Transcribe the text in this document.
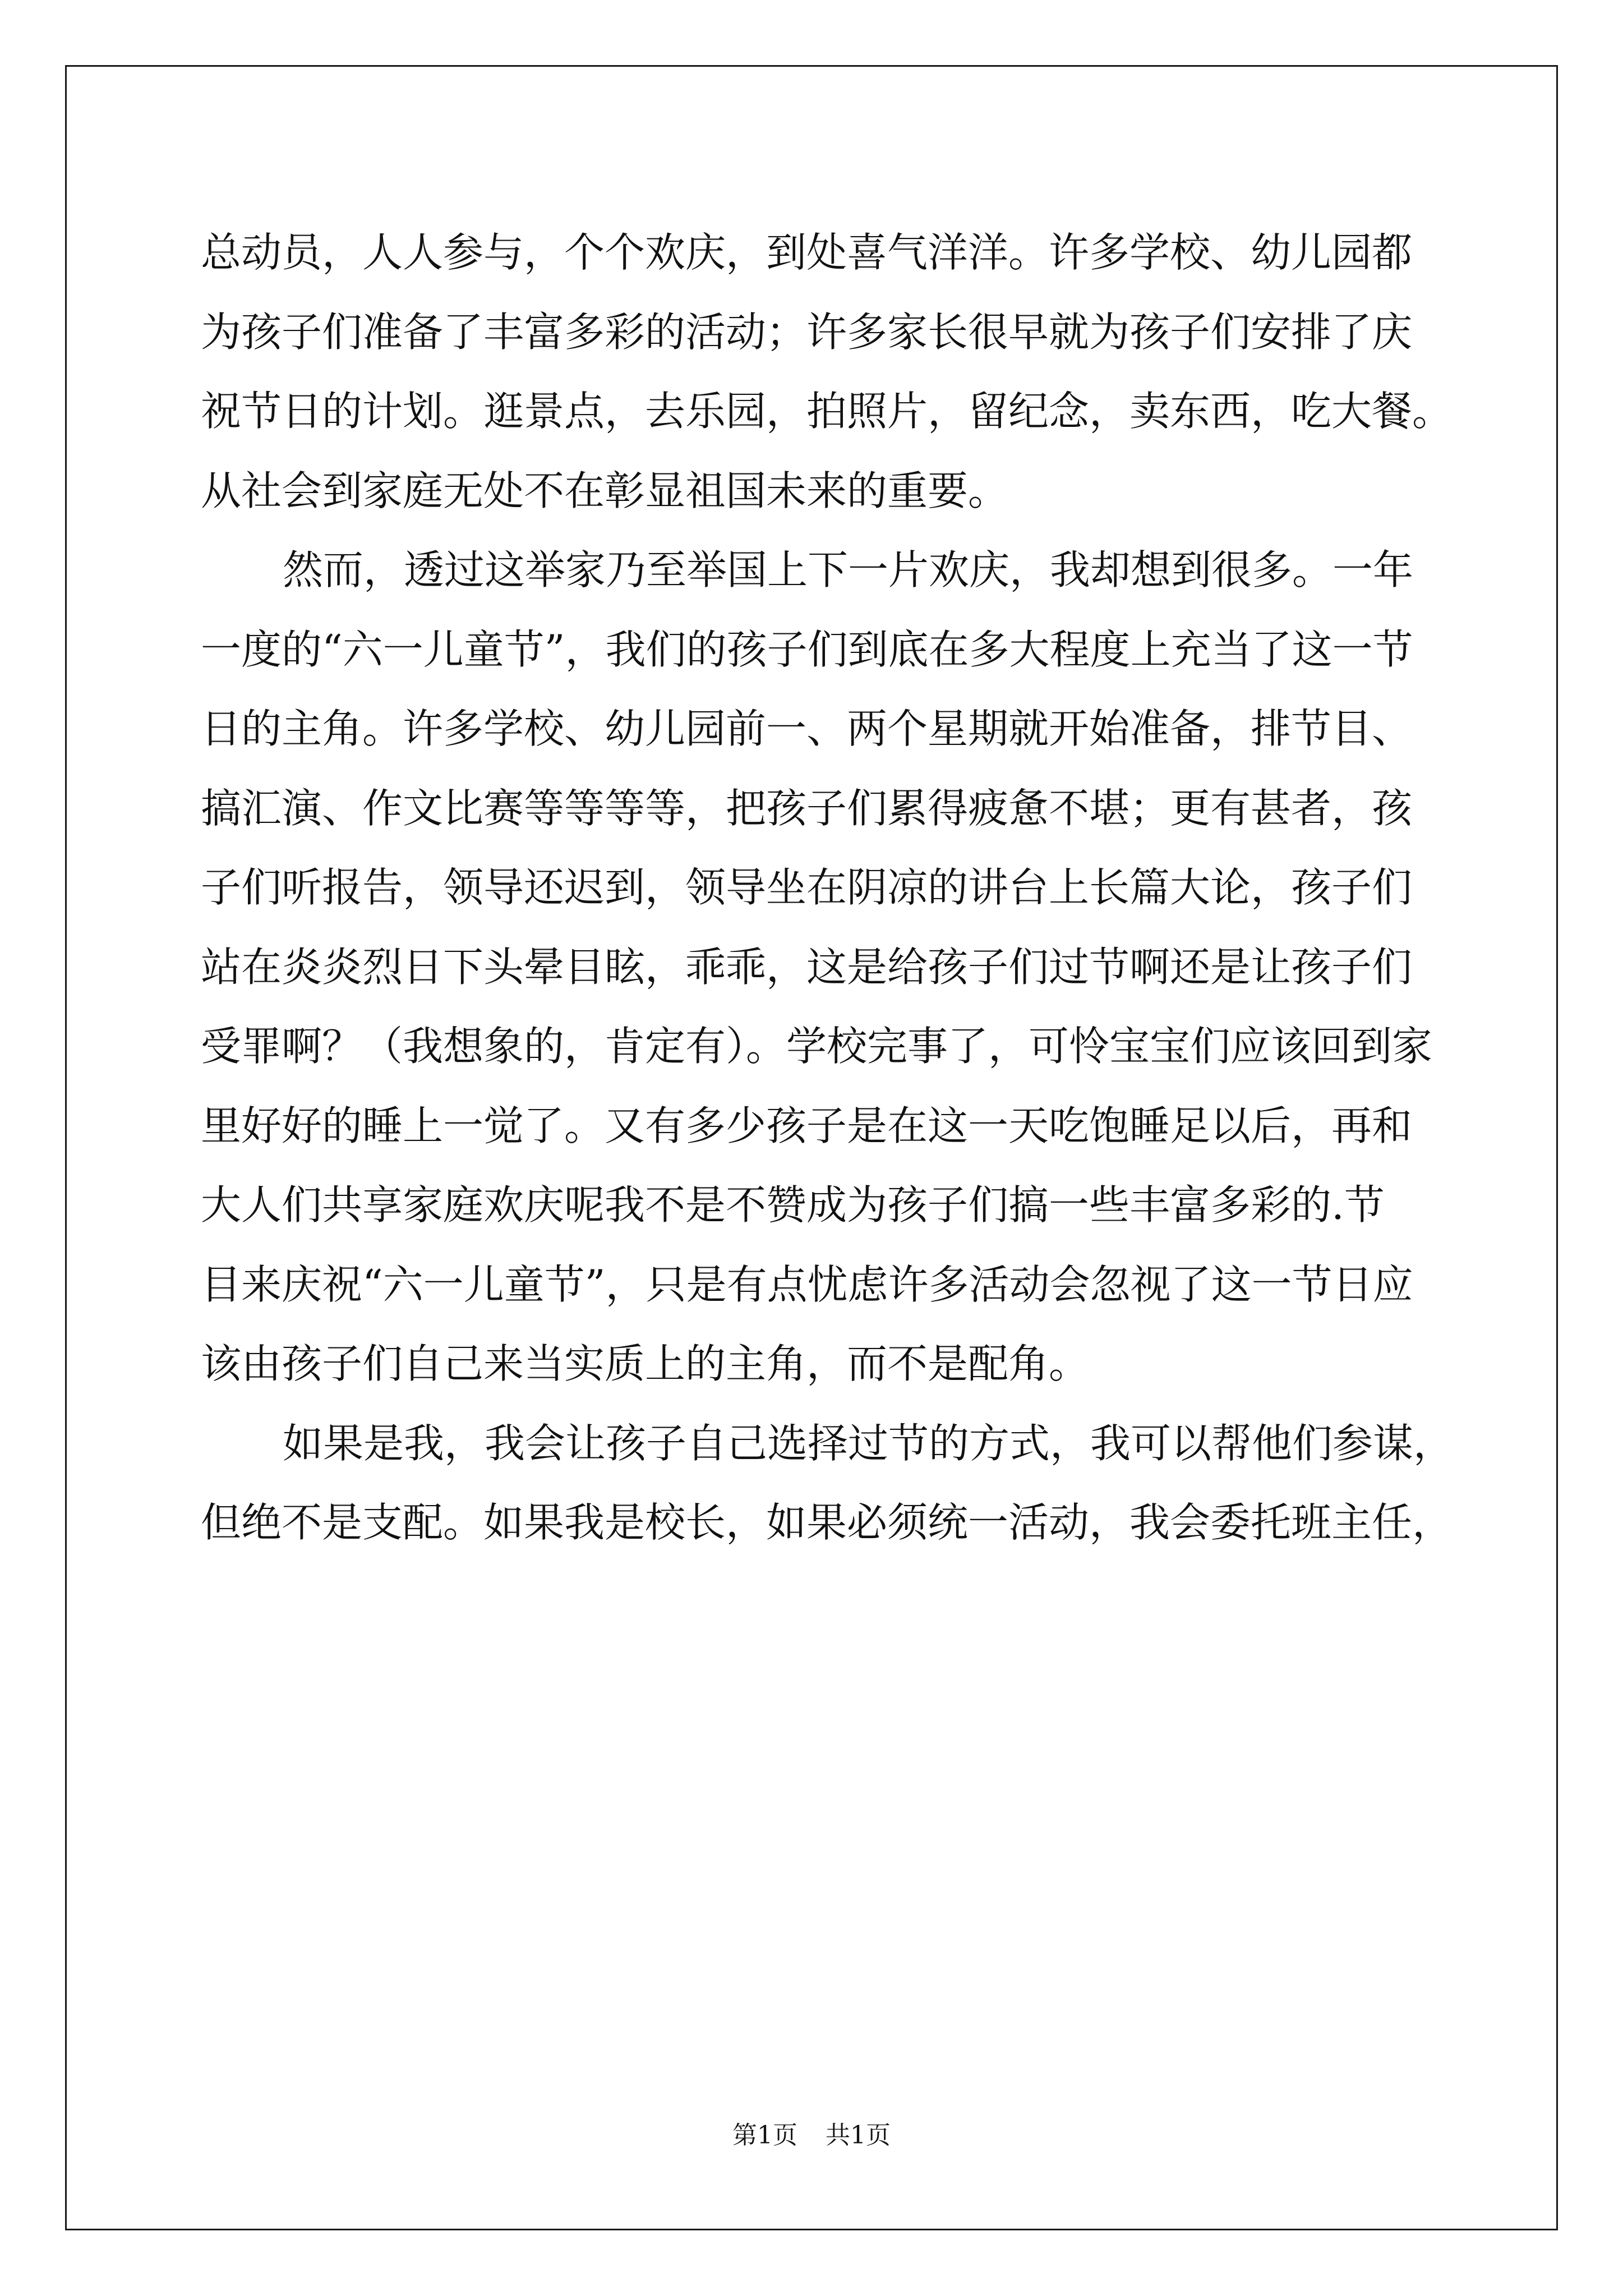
总动员，人人参与，个个欢庆，到处喜气洋洋。许多学校、幼儿园都
为孩子们准备了丰富多彩的活动；许多家长很早就为孩子们安排了庆
祝节日的计划。逛景点，去乐园，拍照片，留纪念，卖东西，吃大餐。
从社会到家庭无处不在彰显祖国未来的重要。
然而，透过这举家乃至举国上下一片欢庆，我却想到很多。一年
一度的“六一儿童节”，我们的孩子们到底在多大程度上充当了这一节
日的主角。许多学校、幼儿园前一、两个星期就开始准备，排节目、
搞汇演、作文比赛等等等等，把孩子们累得疲惫不堪；更有甚者，孩
子们听报告，领导还迟到，领导坐在阴凉的讲台上长篇大论，孩子们
站在炎炎烈日下头晕目眩，乖乖，这是给孩子们过节啊还是让孩子们
受罪啊？（我想象的，肯定有）。学校完事了，可怜宝宝们应该回到家
里好好的睡上一觉了。又有多少孩子是在这一天吃饱睡足以后，再和
大人们共享家庭欢庆呢我不是不赞成为孩子们搞一些丰富多彩的.节
目来庆祝“六一儿童节”，只是有点忧虑许多活动会忽视了这一节日应
该由孩子们自己来当实质上的主角，而不是配角。
如果是我，我会让孩子自己选择过节的方式，我可以帮他们参谋，
但绝不是支配。如果我是校长，如果必须统一活动，我会委托班主任，
第1页 共1页
